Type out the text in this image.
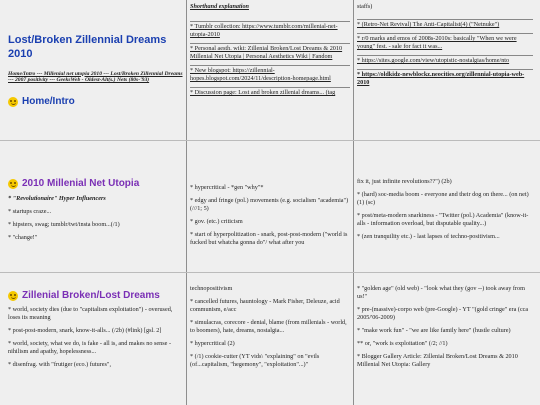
Lost/Broken Zillennial Dreams 2010
Home/Intro --- Millenial net utopia 2010 --- Lost/Broken Zillennial Dreams --- 2007 positivity --- GeeksWeb - Oldest-Alt(s.) Nets (80s-'93)
Home/Intro
Shorthand explanation
* Tumblr collection: https://www.tumblr.com/millenial-net-utopia-2010
* Personal aesth. wiki: Zillenial Broken/Lost Dreams & 2010 Millenial Net Utopia | Personal Aesthetics Wiki | Fandom
* New blogspot: https://zillennial-hopes.blogspot.com/2024/11/description-homepage.html
* Discussion page: Lost and broken zillenial dreams... (tag
staffs)
* (Retro-Net Revival) The Anti-Capitalist(4) ("Netnuke")
* r/0 marks and emos of 2008s-2010s: basically "When we were young" fest. - sale for fact it was...
* https://sites.google.com/view/utopistic-nostalgias/home/nto
* https://oldkidz-newblockz.neocities.org/zillennial-utopia-web-2010
2010 Millenial Net Utopia
* "Revolutionaire" Hyper Influencers
* startups craze...
* hipsters, swag; tumblr/twt/insta boom...(/1)
* "change!"
* hypercritical - *gen "why"*
* edgy and fringe (pol.) movements (e.g. socialism "academia") (///1; 5)
* gov. (etc.) criticism
* start of hyperpolitization - snark, post-post-modern ("world is fucked but whatcha gonna do"/ what after you
fix it, just infinite revolutions??") (2b)
* (hard) soc-media boom - everyone and their dog on there... (on net) (1) (sc)
* post/meta-modern snarkiness - "Twitter (pol.) Academia" (know-it-alls - information overload, but disputable quality...)
* (zen tranquility etc.) - last lapses of techno-positivism...
Zillenial Broken/Lost Dreams
* world, society dies (due to "capitalism exploitation") - overused, loses its meaning
* post-post-modern, snark, know-it-alls... (/2b) (#link) [gsl. 2]
* world, society, what we do, is fake - all is, and makes no sense - nihilism and apathy, hopelessness...
* disenfrag. with "frutiger (eco.) futures",
technopositivism
* cancelled futures, hauntology - Mark Fisher, Deleuze, acid communism, e/acc
* simulacras, corecore - denial, blame (from millenials - world, to boomers), hate, dreams, nostalgia...
* hypercritical (2)
* (/1) cookie-cutter (YT vids\ "explaining" on "evils (of...capitalism, "hegemony", "exploitation"...)"
* "golden age" (old web) - "look what they (gov --) took away from us!"
* pre-(massive)-corpo web (pre-Google) - YT "(gold cringe" era (cca 2005/'06-2009)
* "make work fun" - "we are like family here" (hustle culture)
** or, "work is exploitation" (/2; //1)
* Blogger Gallery Article: Zillenial Broken/Lost Dreams & 2010 Millenial Net Utopia: Gallery
